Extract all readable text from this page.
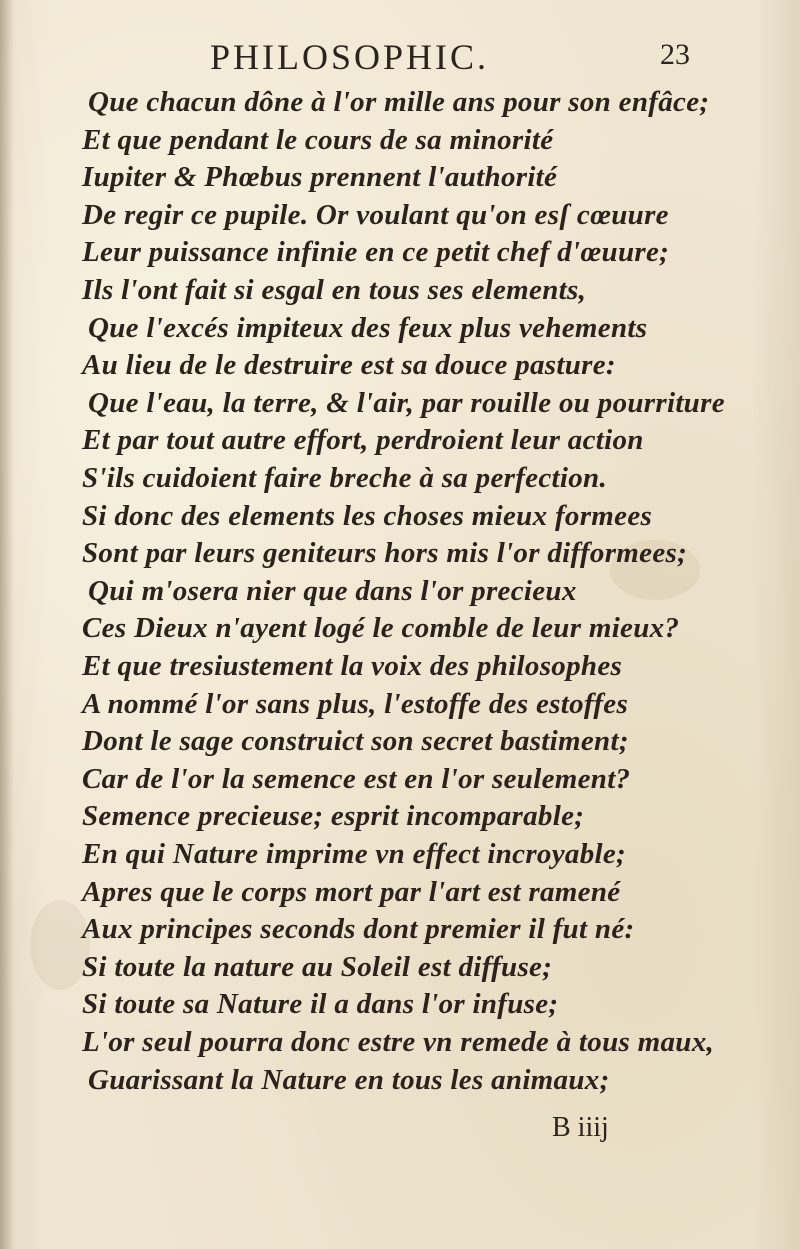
PHILOSOPHIC.	23
Que chacun dône à l'or mille ans pour son enfâce;
Et que pendant le cours de sa minorité
Iupiter & Phœbus prennent l'authorité
De regir ce pupile. Or voulant qu'on esſ cœuure
Leur puissance infinie en ce petit chef d'œuure;
Ils l'ont fait si esgal en tous ses elements,
Que l'excés impiteux des feux plus vehements
Au lieu de le destruire est sa douce pasture:
Que l'eau, la terre, & l'air, par rouille ou pourriture
Et par tout autre effort, perdroient leur action
S'ils cuidoient faire breche à sa perfection.
Si donc des elements les choses mieux formees
Sont par leurs geniteurs hors mis l'or difformees;
Qui m'osera nier que dans l'or precieux
Ces Dieux n'ayent logé le comble de leur mieux?
Et que tresiustement la voix des philosophes
A nommé l'or sans plus, l'estoffe des estoffes
Dont le sage construict son secret bastiment;
Car de l'or la semence est en l'or seulement?
Semence precieuse; esprit incomparable;
En qui Nature imprime vn effect incroyable;
Apres que le corps mort par l'art est ramené
Aux principes seconds dont premier il fut né:
Si toute la nature au Soleil est diffuse;
Si toute sa Nature il a dans l'or infuse;
L'or seul pourra donc estre vn remede à tous maux,
Guarissant la Nature en tous les animaux;
B iiij
